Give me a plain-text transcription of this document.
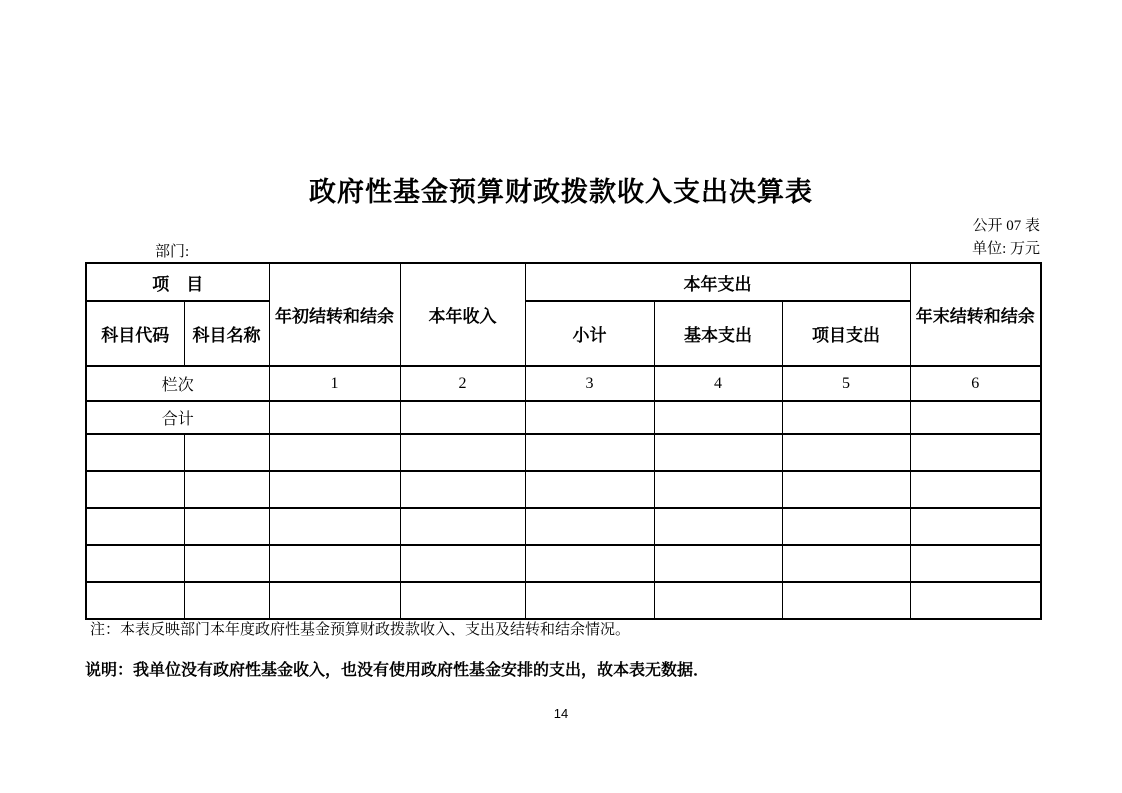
政府性基金预算财政拨款收入支出决算表
公开 07 表
单位: 万元
部门:
项　目		年初结转和结余	本年收入	本年支出			年末结转和结余
科目代码	科目名称			小计	基本支出	项目支出	
栏次		1	2	3	4	5	6
合计							

注：本表反映部门本年度政府性基金预算财政拨款收入、支出及结转和结余情况。
说明：我单位没有政府性基金收入，也没有使用政府性基金安排的支出，故本表无数据．
14
